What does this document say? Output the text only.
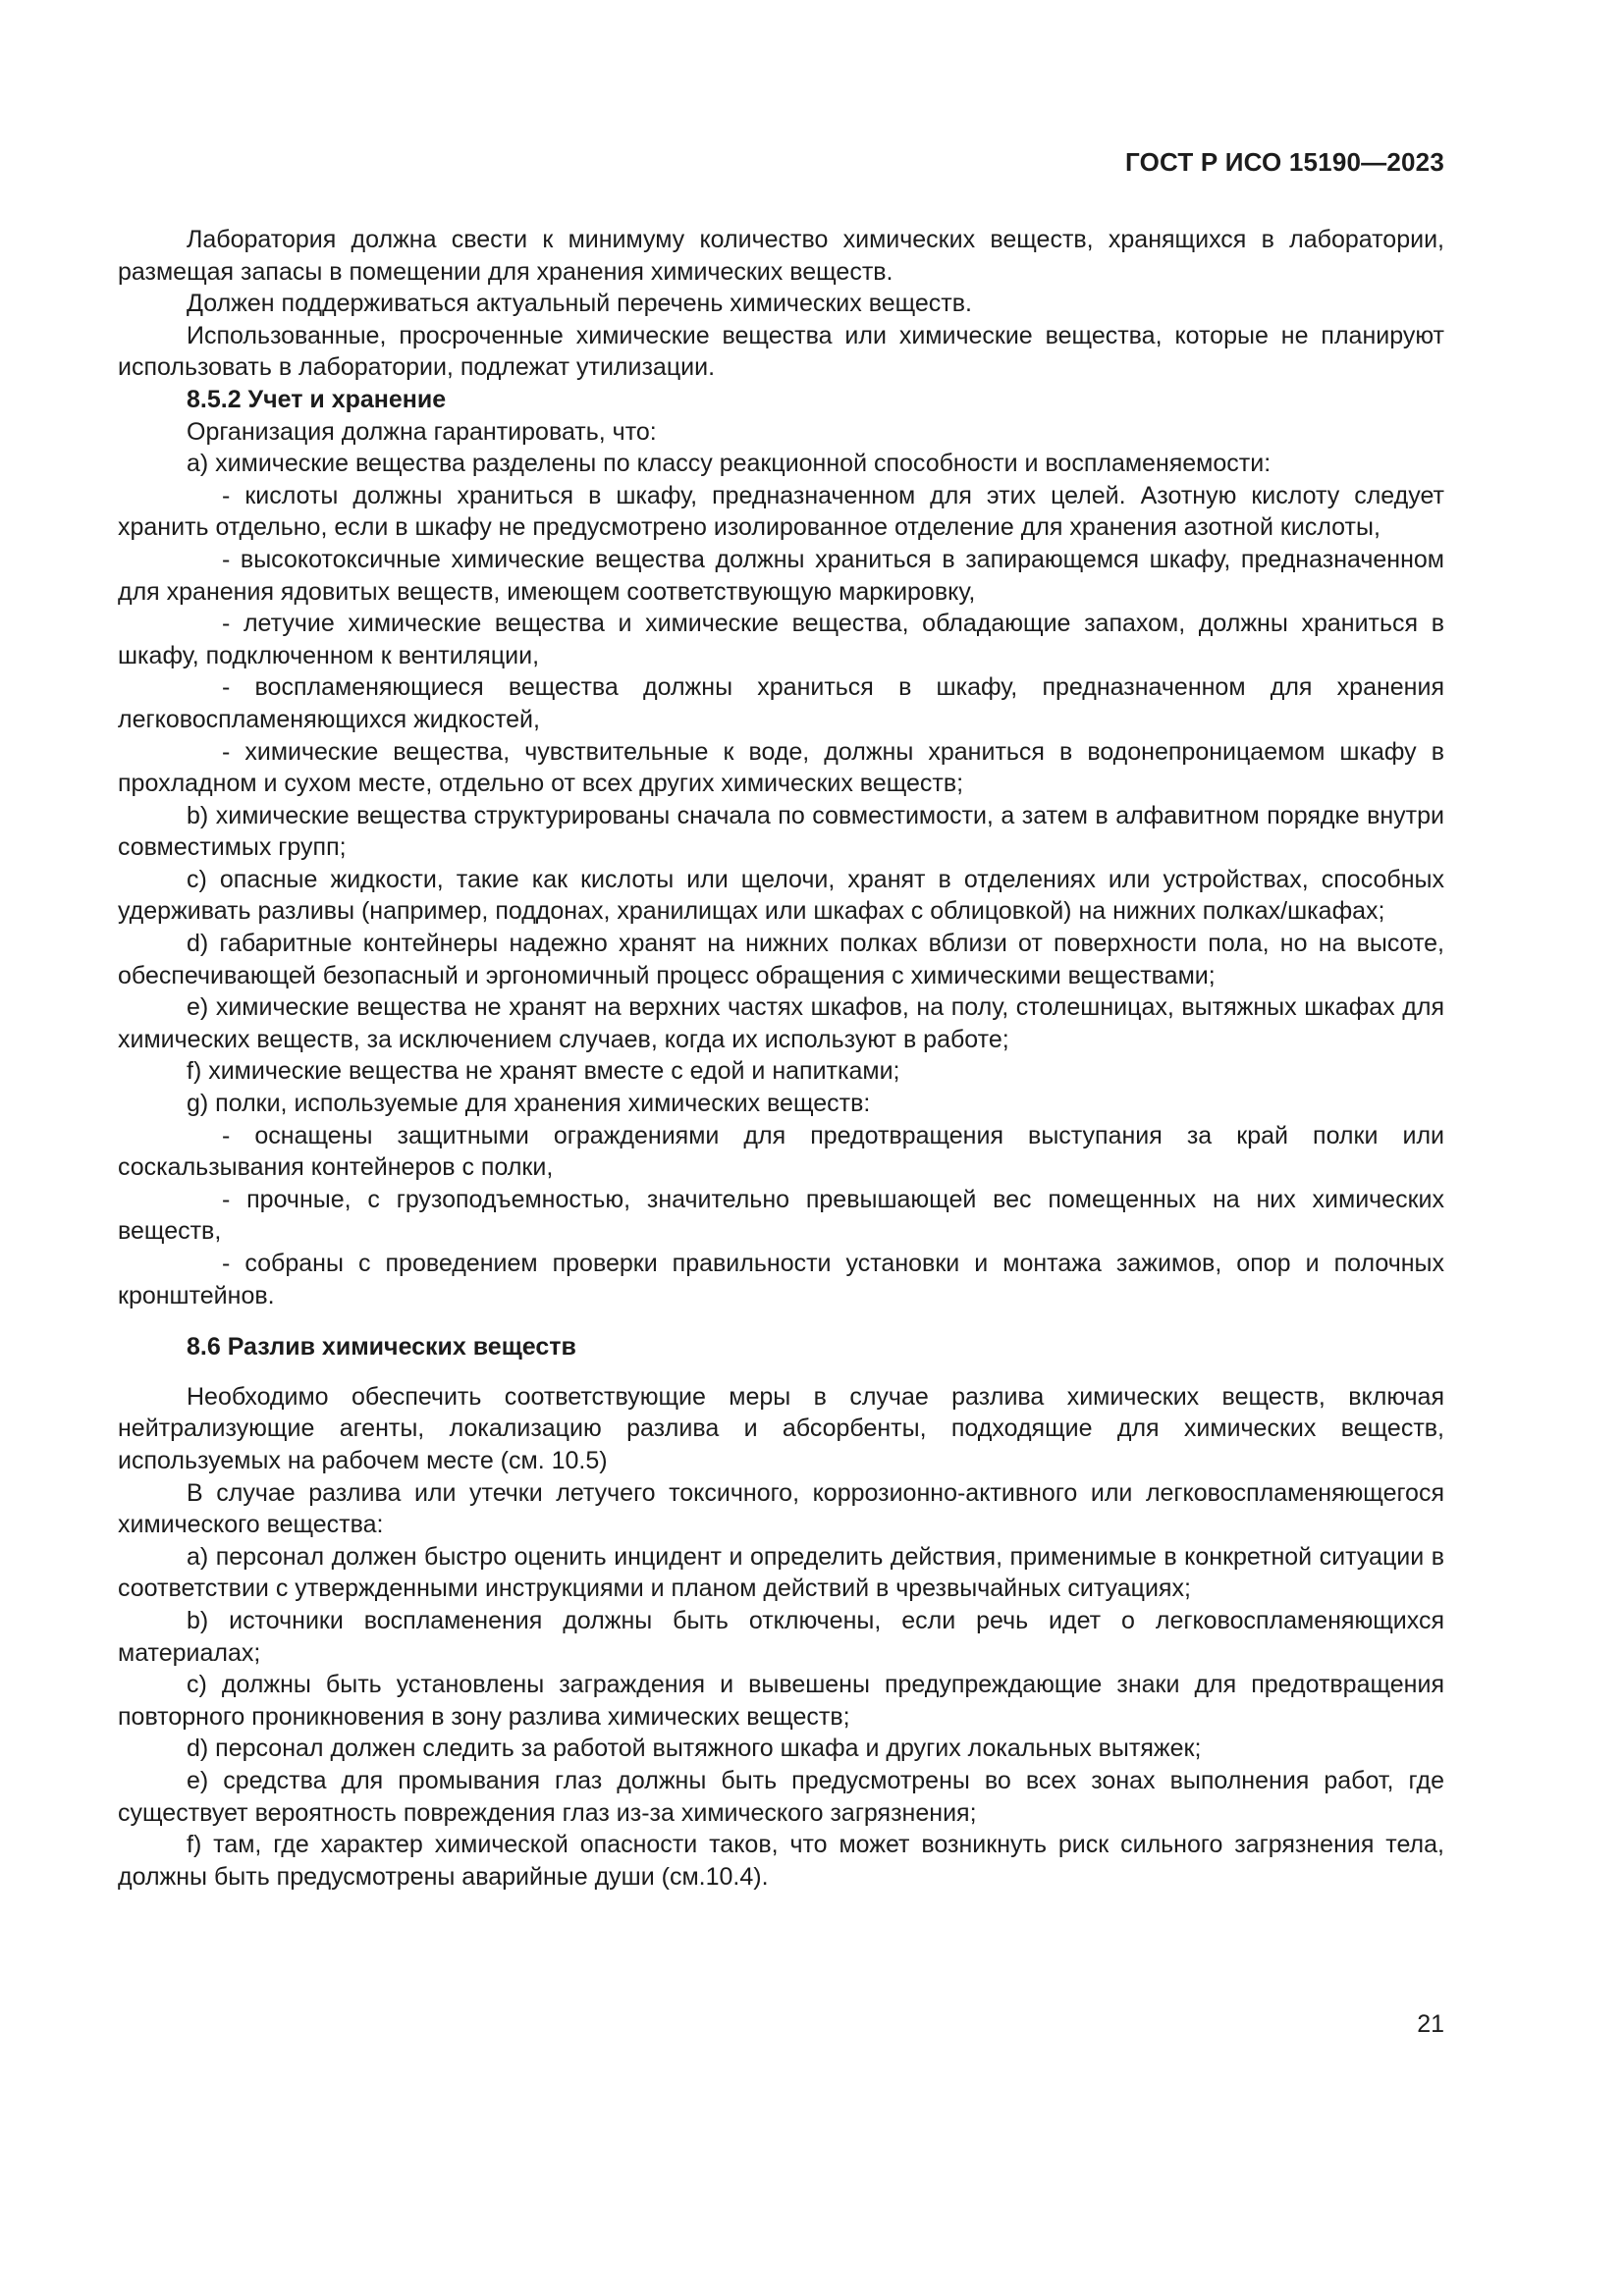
ГОСТ Р ИСО 15190—2023

Лаборатория должна свести к минимуму количество химических веществ, хранящихся в лаборатории, размещая запасы в помещении для хранения химических веществ.

Должен поддерживаться актуальный перечень химических веществ.

Использованные, просроченные химические вещества или химические вещества, которые не планируют использовать в лаборатории, подлежат утилизации.

8.5.2 Учет и хранение

Организация должна гарантировать, что:

а) химические вещества разделены по классу реакционной способности и воспламеняемости:

- кислоты должны храниться в шкафу, предназначенном для этих целей. Азотную кислоту следует хранить отдельно, если в шкафу не предусмотрено изолированное отделение для хранения азотной кислоты,

- высокотоксичные химические вещества должны храниться в запирающемся шкафу, предназначенном для хранения ядовитых веществ, имеющем соответствующую маркировку,

- летучие химические вещества и химические вещества, обладающие запахом, должны храниться в шкафу, подключенном к вентиляции,

- воспламеняющиеся вещества должны храниться в шкафу, предназначенном для хранения легковоспламеняющихся жидкостей,

- химические вещества, чувствительные к воде, должны храниться в водонепроницаемом шкафу в прохладном и сухом месте, отдельно от всех других химических веществ;

b) химические вещества структурированы сначала по совместимости, а затем в алфавитном порядке внутри совместимых групп;

c) опасные жидкости, такие как кислоты или щелочи, хранят в отделениях или устройствах, способных удерживать разливы (например, поддонах, хранилищах или шкафах с облицовкой) на нижних полках/шкафах;

d) габаритные контейнеры надежно хранят на нижних полках вблизи от поверхности пола, но на высоте, обеспечивающей безопасный и эргономичный процесс обращения с химическими веществами;

e) химические вещества не хранят на верхних частях шкафов, на полу, столешницах, вытяжных шкафах для химических веществ, за исключением случаев, когда их используют в работе;

f) химические вещества не хранят вместе с едой и напитками;

g) полки, используемые для хранения химических веществ:

- оснащены защитными ограждениями для предотвращения выступания за край полки или соскальзывания контейнеров с полки,

- прочные, с грузоподъемностью, значительно превышающей вес помещенных на них химических веществ,

- собраны с проведением проверки правильности установки и монтажа зажимов, опор и полочных кронштейнов.

8.6 Разлив химических веществ

Необходимо обеспечить соответствующие меры в случае разлива химических веществ, включая нейтрализующие агенты, локализацию разлива и абсорбенты, подходящие для химических веществ, используемых на рабочем месте (см. 10.5)

В случае разлива или утечки летучего токсичного, коррозионно-активного или легковоспламеняющегося химического вещества:

а) персонал должен быстро оценить инцидент и определить действия, применимые в конкретной ситуации в соответствии с утвержденными инструкциями и планом действий в чрезвычайных ситуациях;

b) источники воспламенения должны быть отключены, если речь идет о легковоспламеняющихся материалах;

c) должны быть установлены заграждения и вывешены предупреждающие знаки для предотвращения повторного проникновения в зону разлива химических веществ;

d) персонал должен следить за работой вытяжного шкафа и других локальных вытяжек;

e) средства для промывания глаз должны быть предусмотрены во всех зонах выполнения работ, где существует вероятность повреждения глаз из-за химического загрязнения;

f) там, где характер химической опасности таков, что может возникнуть риск сильного загрязнения тела, должны быть предусмотрены аварийные души (см.10.4).

21
